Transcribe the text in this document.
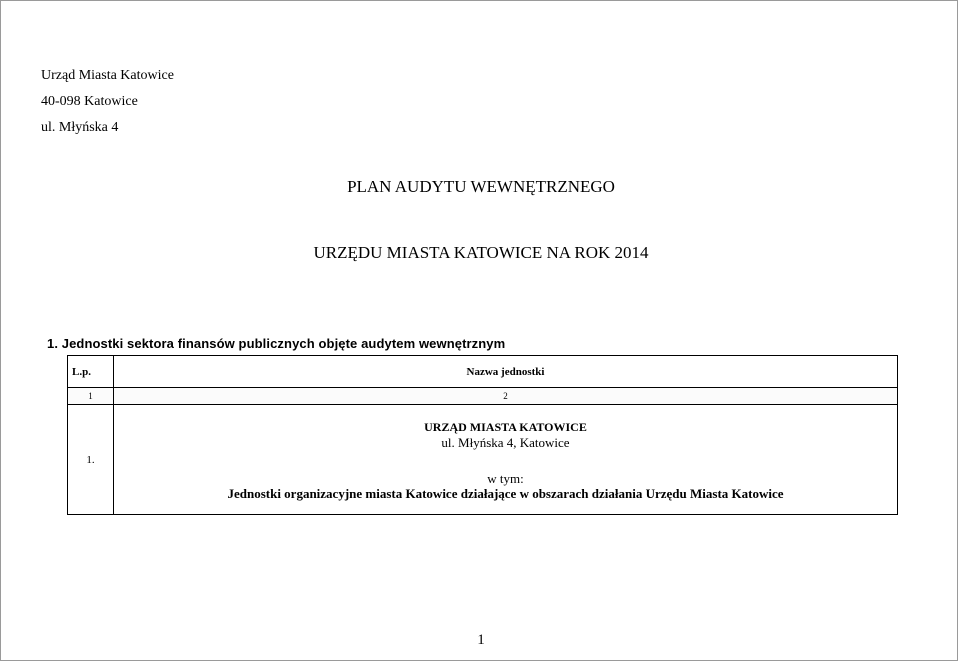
Urząd Miasta Katowice
40-098 Katowice
ul. Młyńska 4
PLAN AUDYTU WEWNĘTRZNEGO
URZĘDU MIASTA KATOWICE NA ROK 2014
1. Jednostki sektora finansów publicznych objęte audytem wewnętrznym
L.p.	Nazwa jednostki
1	2
1.	URZĄD MIASTA KATOWICE
ul. Młyńska 4, Katowice
w tym:
Jednostki organizacyjne miasta Katowice działające w obszarach działania Urzędu Miasta Katowice
1
